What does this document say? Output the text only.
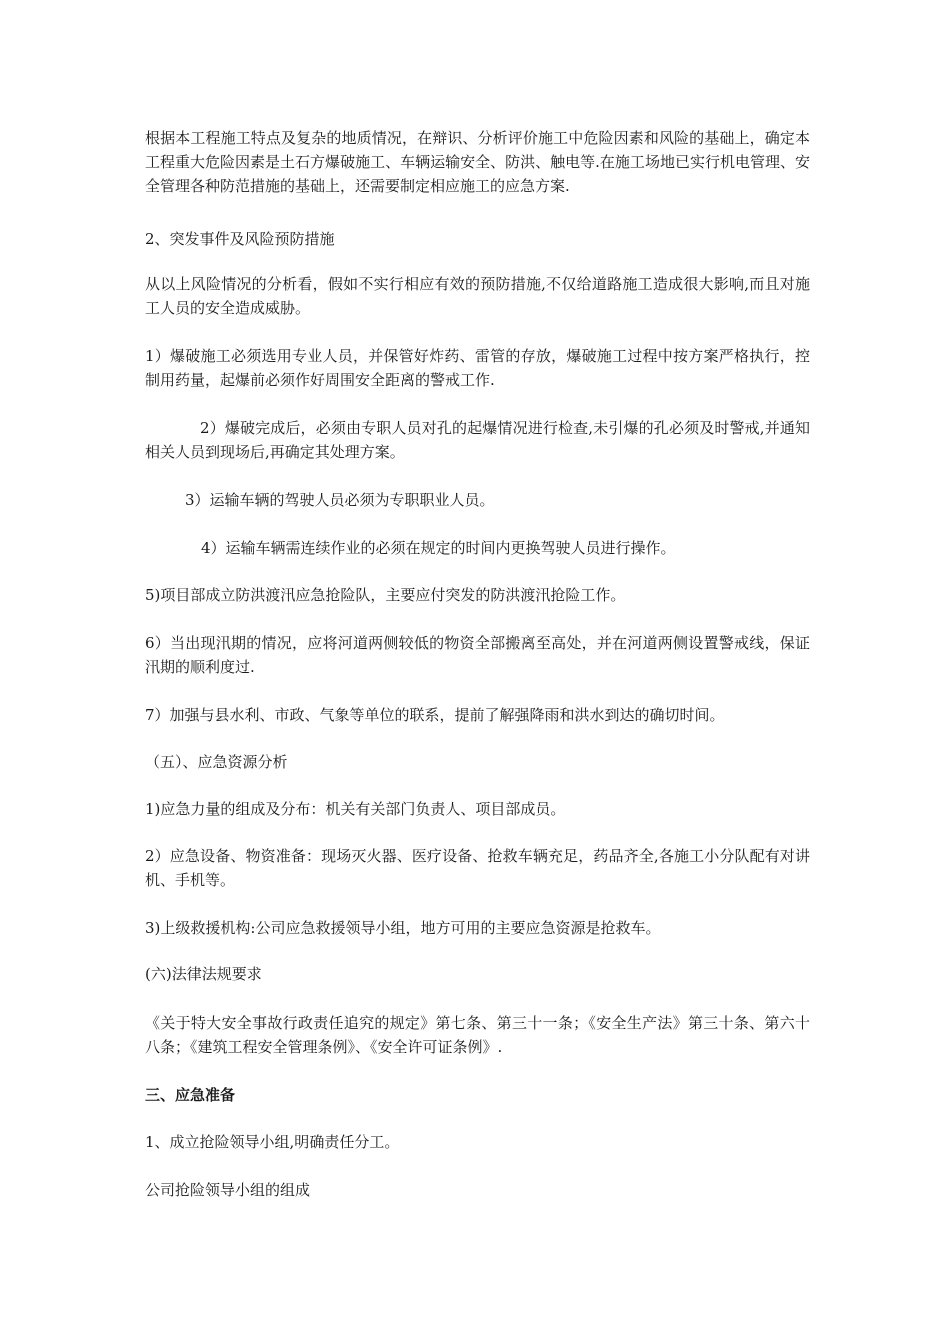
根据本工程施工特点及复杂的地质情况，在辩识、分析评价施工中危险因素和风险的基础上，确定本工程重大危险因素是土石方爆破施工、车辆运输安全、防洪、触电等.在施工场地已实行机电管理、安全管理各种防范措施的基础上，还需要制定相应施工的应急方案.

2、突发事件及风险预防措施

从以上风险情况的分析看，假如不实行相应有效的预防措施,不仅给道路施工造成很大影响,而且对施工人员的安全造成威胁。

1）爆破施工必须选用专业人员，并保管好炸药、雷管的存放，爆破施工过程中按方案严格执行，控制用药量，起爆前必须作好周围安全距离的警戒工作.

2）爆破完成后，必须由专职人员对孔的起爆情况进行检查,未引爆的孔必须及时警戒,并通知相关人员到现场后,再确定其处理方案。

3）运输车辆的驾驶人员必须为专职职业人员。

4）运输车辆需连续作业的必须在规定的时间内更换驾驶人员进行操作。

5)项目部成立防洪渡汛应急抢险队，主要应付突发的防洪渡汛抢险工作。

6）当出现汛期的情况，应将河道两侧较低的物资全部搬离至高处，并在河道两侧设置警戒线，保证汛期的顺利度过.

7）加强与县水利、市政、气象等单位的联系，提前了解强降雨和洪水到达的确切时间。

（五）、应急资源分析

1)应急力量的组成及分布：机关有关部门负责人、项目部成员。

2）应急设备、物资准备：现场灭火器、医疗设备、抢救车辆充足，药品齐全,各施工小分队配有对讲机、手机等。

3)上级救援机构:公司应急救援领导小组，地方可用的主要应急资源是抢救车。

(六)法律法规要求

《关于特大安全事故行政责任追究的规定》第七条、第三十一条；《安全生产法》第三十条、第六十八条；《建筑工程安全管理条例》、《安全许可证条例》.

三、应急准备

1、成立抢险领导小组,明确责任分工。

公司抢险领导小组的组成
